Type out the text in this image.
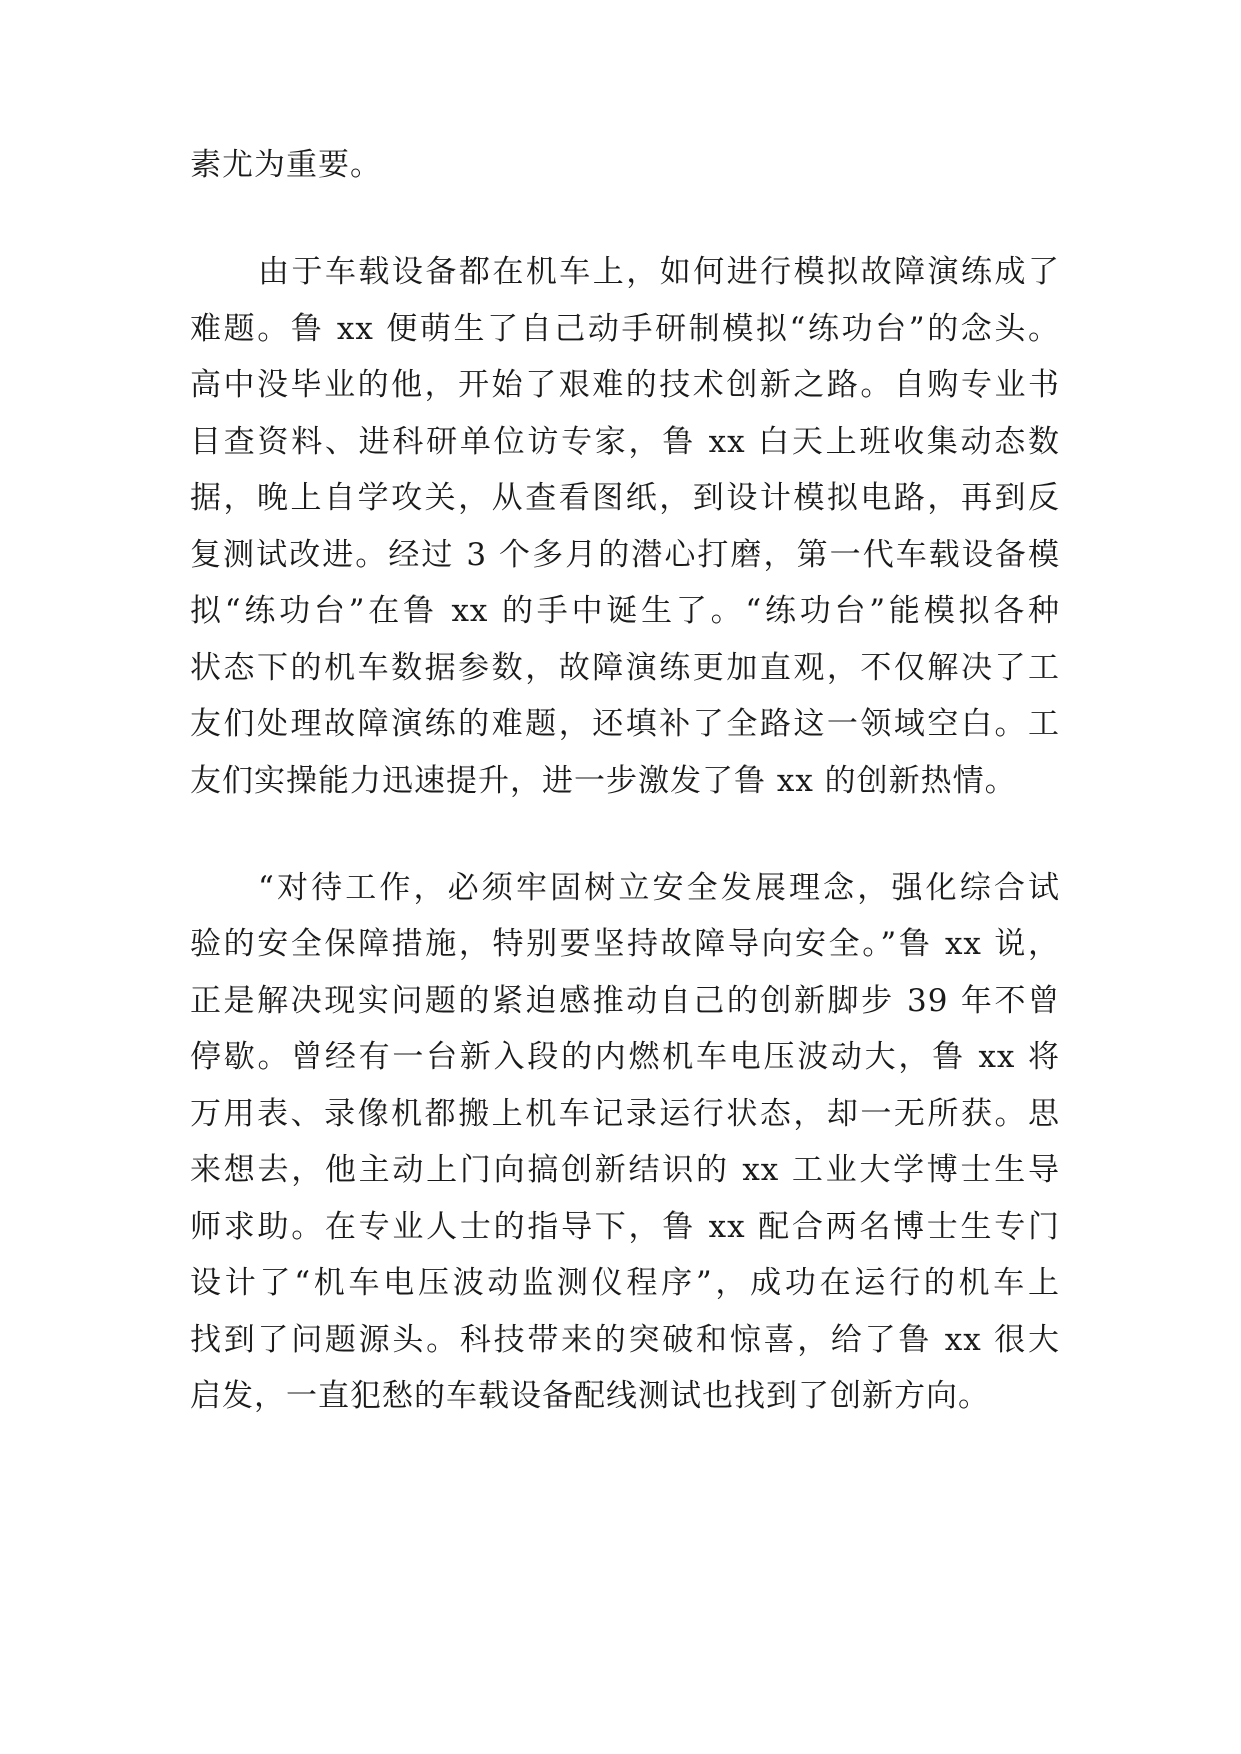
素尤为重要。
由于车载设备都在机车上，如何进行模拟故障演练成了
难题。鲁 xx 便萌生了自己动手研制模拟“练功台”的念头。
高中没毕业的他，开始了艰难的技术创新之路。自购专业书
目查资料、进科研单位访专家，鲁 xx 白天上班收集动态数
据，晚上自学攻关，从查看图纸，到设计模拟电路，再到反
复测试改进。经过 3 个多月的潜心打磨，第一代车载设备模
拟“练功台”在鲁 xx 的手中诞生了。“练功台”能模拟各种
状态下的机车数据参数，故障演练更加直观，不仅解决了工
友们处理故障演练的难题，还填补了全路这一领域空白。工
友们实操能力迅速提升，进一步激发了鲁 xx 的创新热情。
“对待工作，必须牢固树立安全发展理念，强化综合试
验的安全保障措施，特别要坚持故障导向安全。”鲁 xx 说，
正是解决现实问题的紧迫感推动自己的创新脚步 39 年不曾
停歇。曾经有一台新入段的内燃机车电压波动大，鲁 xx 将
万用表、录像机都搬上机车记录运行状态，却一无所获。思
来想去，他主动上门向搞创新结识的 xx 工业大学博士生导
师求助。在专业人士的指导下，鲁 xx 配合两名博士生专门
设计了“机车电压波动监测仪程序”，成功在运行的机车上
找到了问题源头。科技带来的突破和惊喜，给了鲁 xx 很大
启发，一直犯愁的车载设备配线测试也找到了创新方向。
